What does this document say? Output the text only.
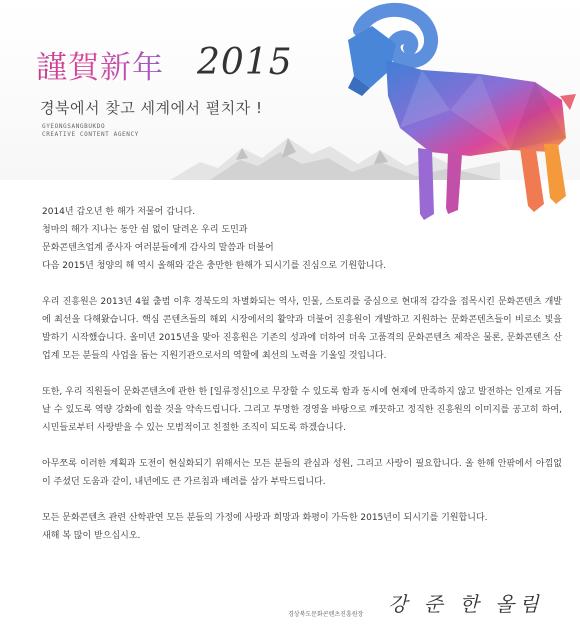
謹賀新年 2015
경북에서 찾고 세계에서 펼치자 !
GYEONGSANGBUKDO
CREATIVE CONTENT AGENCY

2014년 갑오년 한 해가 저물어 갑니다.
청마의 해가 지나는 동안 쉼 없이 달려온 우리 도민과
문화콘텐츠업계 종사자 여러분들에게 감사의 말씀과 더불어
다음 2015년 청양의 해 역시 올해와 같은 충만한 한해가 되시기를 진심으로 기원합니다.

우리 진흥원은 2013년 4월 출범 이후 경북도의 차별화되는 역사, 인물, 스토리를 중심으로 현대적 감각을 접목시킨 문화콘텐츠 개발에 최선을 다해왔습니다. 핵심 콘텐츠들의 해외 시장에서의 활약과 더불어 진흥원이 개발하고 지원하는 문화콘텐츠들이 비로소 빛을 발하기 시작했습니다. 올미년 2015년을 맞아 진흥원은 기존의 성과에 더하여 더욱 고품격의 문화콘텐츠 제작은 물론, 문화콘텐츠 산업계 모든 분들의 사업을 돕는 지원기관으로서의 역할에 최선의 노력을 기울일 것입니다.

또한, 우리 직원들이 문화콘텐츠에 관한 한 [일류정신]으로 무장할 수 있도록 함과 동시에 현재에 만족하지 않고 발전하는 인재로 거듭날 수 있도록 역량 강화에 힘쓸 것을 약속드립니다. 그리고 투명한 경영을 바탕으로 깨끗하고 정직한 진흥원의 이미지를 공고히 하여, 시민들로부터 사랑받을 수 있는 모범적이고 친절한 조직이 되도록 하겠습니다.

아무쪼록 이러한 계획과 도전이 현실화되기 위해서는 모든 분들의 관심과 성원, 그리고 사랑이 필요합니다. 올 한해 안팎에서 아낌없이 주셨던 도움과 같이, 내년에도 큰 가르침과 배려를 삼가 부탁드립니다.

모든 문화콘텐츠 관련 산학관연 모든 분들의 가정에 사랑과 희망과 화평이 가득한 2015년이 되시기를 기원합니다.
새해 복 많이 받으십시오.

경상북도문화콘텐츠진흥원장 강 준 한 올림
